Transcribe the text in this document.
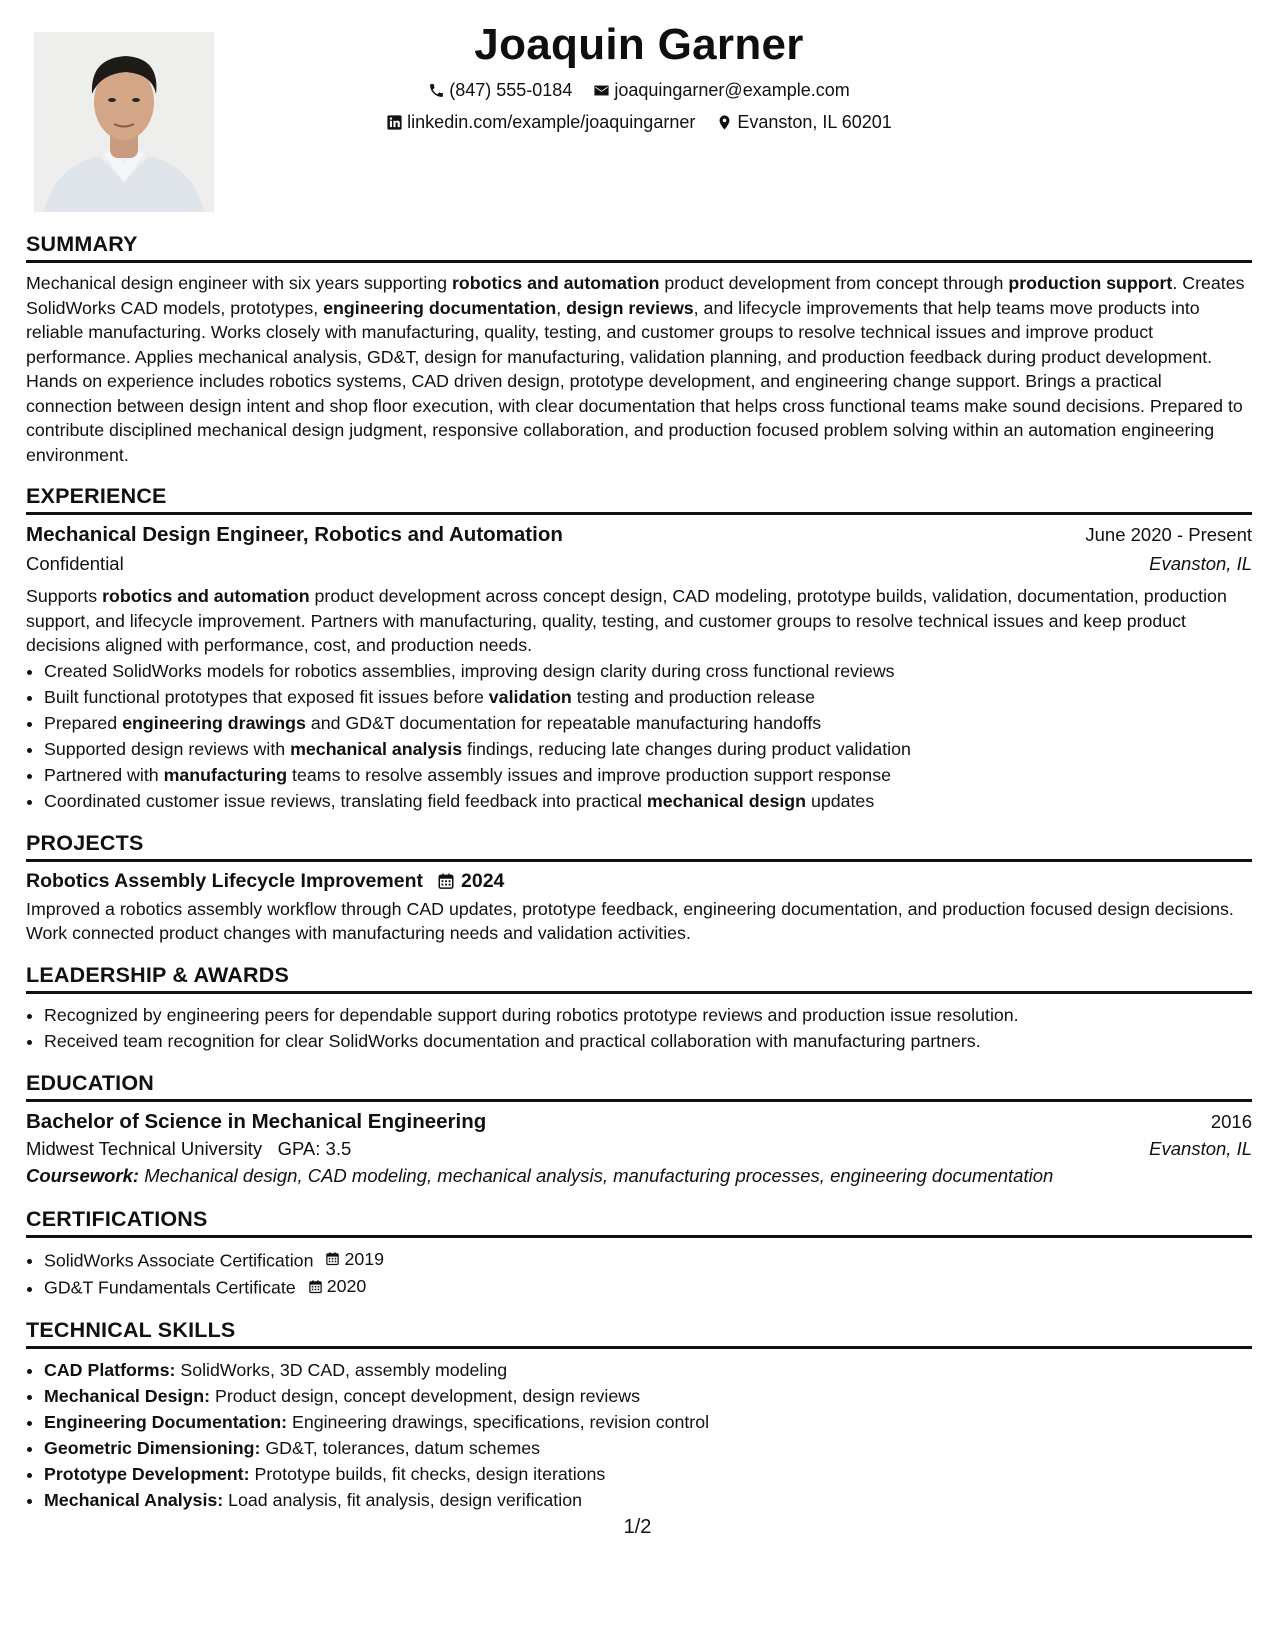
Joaquin Garner
(847) 555-0184
joaquingarner@example.com
linkedin.com/example/joaquingarner
Evanston, IL 60201
SUMMARY

Mechanical design engineer with six years supporting robotics and automation product development from concept through production support. Creates SolidWorks CAD models, prototypes, engineering documentation, design reviews, and lifecycle improvements that help teams move products into reliable manufacturing. Works closely with manufacturing, quality, testing, and customer groups to resolve technical issues and improve product performance. Applies mechanical analysis, GD&T, design for manufacturing, validation planning, and production feedback during product development. Hands on experience includes robotics systems, CAD driven design, prototype development, and engineering change support. Brings a practical connection between design intent and shop floor execution, with clear documentation that helps cross functional teams make sound decisions. Prepared to contribute disciplined mechanical design judgment, responsive collaboration, and production focused problem solving within an automation engineering environment.

EXPERIENCE
Mechanical Design Engineer, Robotics and Automation	June 2020 - Present
Confidential	Evanston, IL

Supports robotics and automation product development across concept design, CAD modeling, prototype builds, validation, documentation, production support, and lifecycle improvement. Partners with manufacturing, quality, testing, and customer groups to resolve technical issues and keep product decisions aligned with performance, cost, and production needs.

• Created SolidWorks models for robotics assemblies, improving design clarity during cross functional reviews
• Built functional prototypes that exposed fit issues before validation testing and production release
• Prepared engineering drawings and GD&T documentation for repeatable manufacturing handoffs
• Supported design reviews with mechanical analysis findings, reducing late changes during product validation
• Partnered with manufacturing teams to resolve assembly issues and improve production support response
• Coordinated customer issue reviews, translating field feedback into practical mechanical design updates
PROJECTS
Robotics Assembly Lifecycle Improvement 2024

Improved a robotics assembly workflow through CAD updates, prototype feedback, engineering documentation, and production focused design decisions. Work connected product changes with manufacturing needs and validation activities.

LEADERSHIP & AWARDS
• Recognized by engineering peers for dependable support during robotics prototype reviews and production issue resolution.
• Received team recognition for clear SolidWorks documentation and practical collaboration with manufacturing partners.
EDUCATION
Bachelor of Science in Mechanical Engineering	2016
Midwest Technical University GPA: 3.5	Evanston, IL
Coursework: Mechanical design, CAD modeling, mechanical analysis, manufacturing processes, engineering documentation
CERTIFICATIONS
• SolidWorks Associate Certification 2019
• GD&T Fundamentals Certificate 2020
TECHNICAL SKILLS
• CAD Platforms: SolidWorks, 3D CAD, assembly modeling
• Mechanical Design: Product design, concept development, design reviews
• Engineering Documentation: Engineering drawings, specifications, revision control
• Geometric Dimensioning: GD&T, tolerances, datum schemes
• Prototype Development: Prototype builds, fit checks, design iterations
• Mechanical Analysis: Load analysis, fit analysis, design verification
1/2
